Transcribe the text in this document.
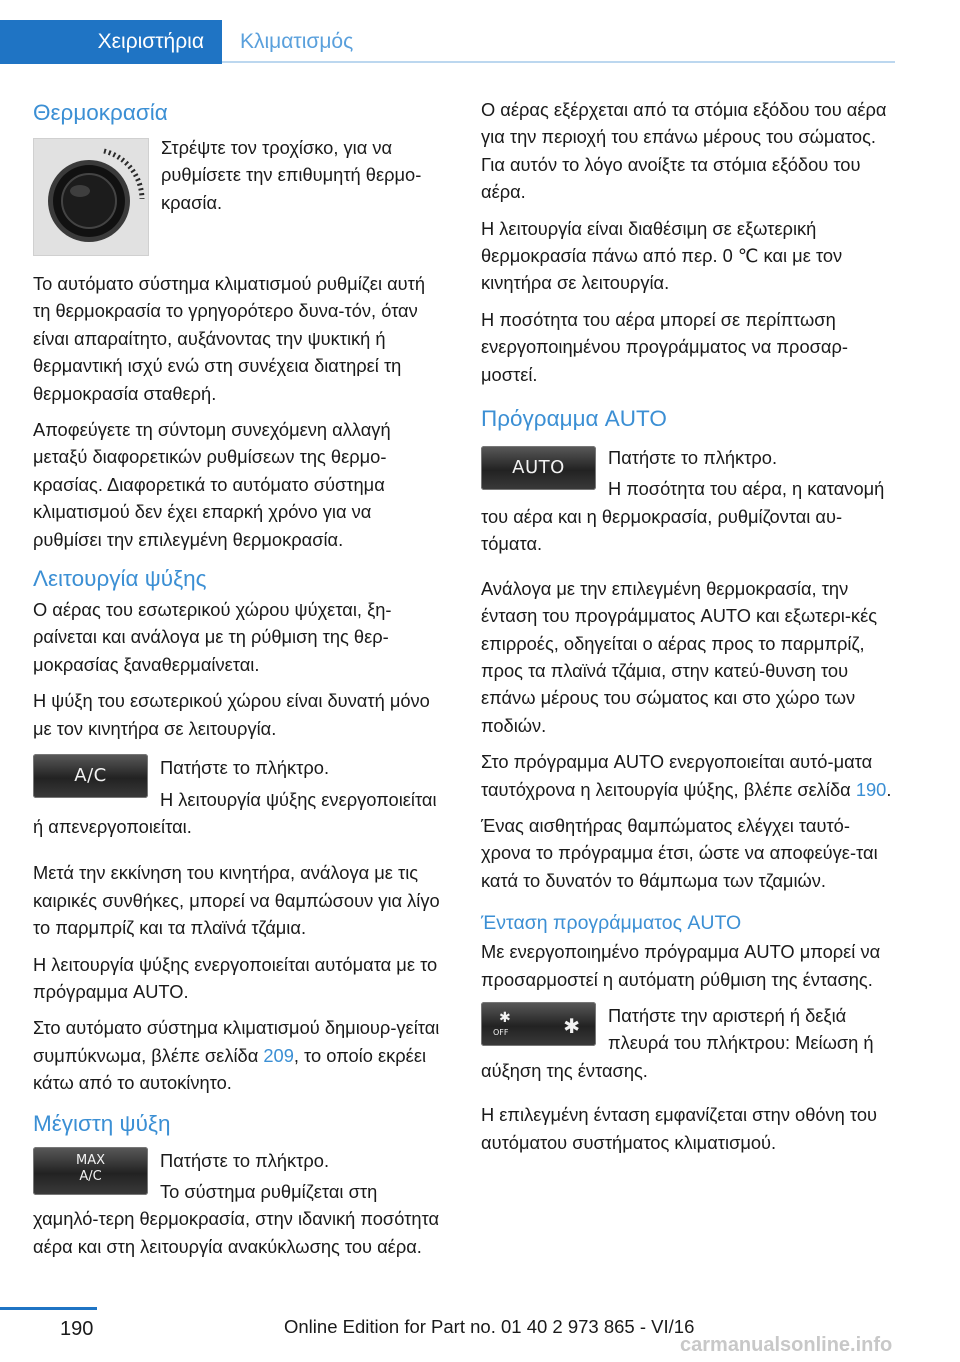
Χειριστήρια	Κλιματισμός
Θερμοκρασία

Στρέψτε τον τροχίσκο, για να ρυθμίσετε την επιθυμητή θερμο-κρασία.

Το αυτόματο σύστημα κλιματισμού ρυθμίζει αυτή τη θερμοκρασία το γρηγορότερο δυνα-τόν, όταν είναι απαραίτητο, αυξάνοντας την ψυκτική ή θερμαντική ισχύ ενώ στη συνέχεια διατηρεί τη θερμοκρασία σταθερή.

Αποφεύγετε τη σύντομη συνεχόμενη αλλαγή μεταξύ διαφορετικών ρυθμίσεων της θερμο-κρασίας. Διαφορετικά το αυτόματο σύστημα κλιματισμού δεν έχει επαρκή χρόνο για να ρυθμίσει την επιλεγμένη θερμοκρασία.

Λειτουργία ψύξης

Ο αέρας του εσωτερικού χώρου ψύχεται, ξη-ραίνεται και ανάλογα με τη ρύθμιση της θερ-μοκρασίας ξαναθερμαίνεται.

Η ψύξη του εσωτερικού χώρου είναι δυνατή μόνο με τον κινητήρα σε λειτουργία.

A/C	Πατήστε το πλήκτρο.

Η λειτουργία ψύξης ενεργοποιείται ή απενεργοποιείται.

Μετά την εκκίνηση του κινητήρα, ανάλογα με τις καιρικές συνθήκες, μπορεί να θαμπώσουν για λίγο το παρμπρίζ και τα πλαϊνά τζάμια.

Η λειτουργία ψύξης ενεργοποιείται αυτόματα με το πρόγραμμα AUTO.

Στο αυτόματο σύστημα κλιματισμού δημιουρ-γείται συμπύκνωμα, βλέπε σελίδα 209, το οποίο εκρέει κάτω από το αυτοκίνητο.

Μέγιστη ψύξη
MAX
A/C

Πατήστε το πλήκτρο.

Το σύστημα ρυθμίζεται στη χαμηλό-τερη θερμοκρασία, στην ιδανική ποσότητα αέρα και στη λειτουργία ανακύκλωσης του αέρα.

Ο αέρας εξέρχεται από τα στόμια εξόδου του αέρα για την περιοχή του επάνω μέρους του σώματος. Για αυτόν το λόγο ανοίξτε τα στόμια εξόδου του αέρα.

Η λειτουργία είναι διαθέσιμη σε εξωτερική θερμοκρασία πάνω από περ. 0 ℃ και με τον κινητήρα σε λειτουργία.

Η ποσότητα του αέρα μπορεί σε περίπτωση ενεργοποιημένου προγράμματος να προσαρ-μοστεί.

Πρόγραμμα AUTO
AUTO	Πατήστε το πλήκτρο.

Η ποσότητα του αέρα, η κατανομή του αέρα και η θερμοκρασία, ρυθμίζονται αυ-τόματα.

Ανάλογα με την επιλεγμένη θερμοκρασία, την ένταση του προγράμματος AUTO και εξωτερι-κές επιρροές, οδηγείται ο αέρας προς το παρμπρίζ, προς τα πλαϊνά τζάμια, στην κατεύ-θυνση του επάνω μέρους του σώματος και στο χώρο των ποδιών.

Στο πρόγραμμα AUTO ενεργοποιείται αυτό-ματα ταυτόχρονα η λειτουργία ψύξης, βλέπε σελίδα 190.

Ένας αισθητήρας θαμπώματος ελέγχει ταυτό-χρονα το πρόγραμμα έτσι, ώστε να αποφεύγε-ται κατά το δυνατόν το θάμπωμα των τζαμιών.

Ένταση προγράμματος AUTO

Με ενεργοποιημένο πρόγραμμα AUTO μπορεί να προσαρμοστεί η αυτόματη ρύθμιση της έντασης.

✱
OFF	✱	Πατήστε την αριστερή ή δεξιά πλευρά του πλήκτρου: Μείωση ή αύξηση της έντασης.

Η επιλεγμένη ένταση εμφανίζεται στην οθόνη του αυτόματου συστήματος κλιματισμού.

190	Online Edition for Part no. 01 40 2 973 865 - VI/16
carmanualsonline.info
